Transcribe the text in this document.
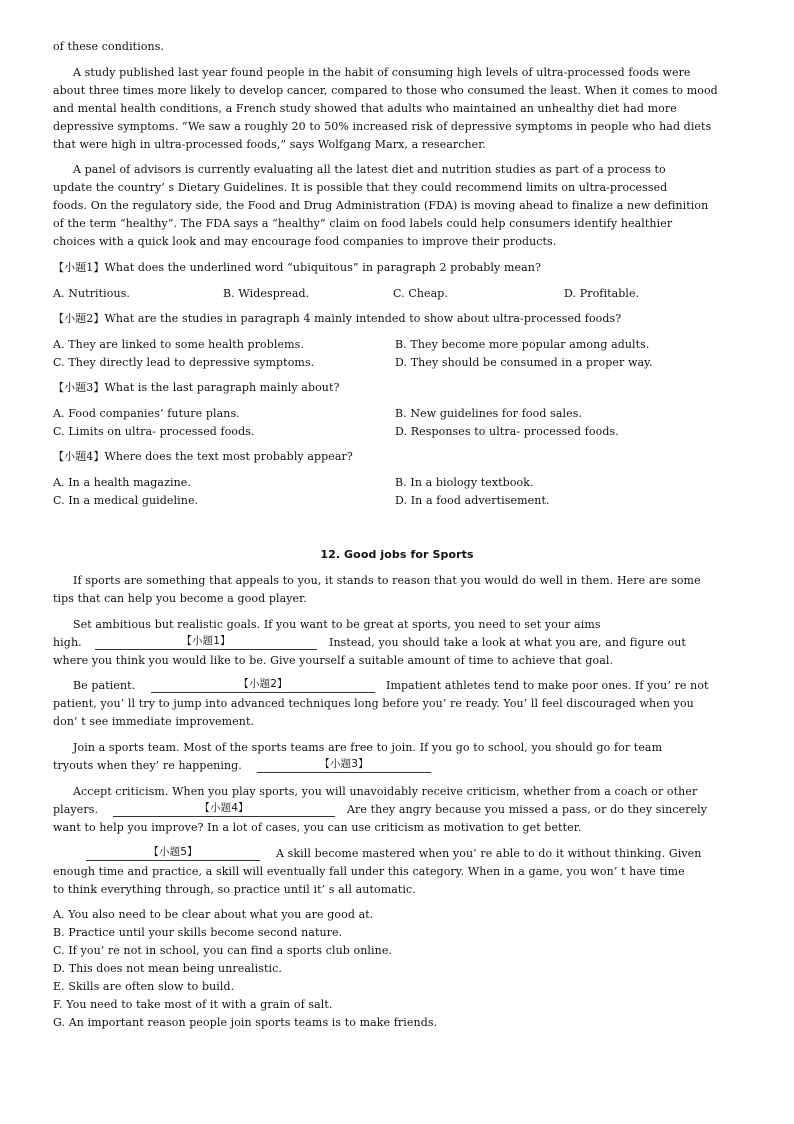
of these conditions.
A study published last year found people in the habit of consuming high levels of ultra-processed foods were
about three times more likely to develop cancer, compared to those who consumed the least. When it comes to mood
and mental health conditions, a French study showed that adults who maintained an unhealthy diet had more
depressive symptoms. “We saw a roughly 20 to 50% increased risk of depressive symptoms in people who had diets
that were high in ultra-processed foods,” says Wolfgang Marx, a researcher.
A panel of advisors is currently evaluating all the latest diet and nutrition studies as part of a process to
update the country’ s Dietary Guidelines. It is possible that they could recommend limits on ultra-processed
foods. On the regulatory side, the Food and Drug Administration (FDA) is moving ahead to finalize a new definition
of the term “healthy”. The FDA says a “healthy” claim on food labels could help consumers identify healthier
choices with a quick look and may encourage food companies to improve their products.
【小题1】What does the underlined word “ubiquitous” in paragraph 2 probably mean?
A. Nutritious.	B. Widespread.	C. Cheap.	D. Profitable.
【小题2】What are the studies in paragraph 4 mainly intended to show about ultra-processed foods?
A. They are linked to some health problems.	B. They become more popular among adults.
C. They directly lead to depressive symptoms.	D. They should be consumed in a proper way.
【小题3】What is the last paragraph mainly about?
A. Food companies’ future plans.	B. New guidelines for food sales.
C. Limits on ultra- processed foods.	D. Responses to ultra- processed foods.
【小题4】Where does the text most probably appear?
A. In a health magazine.	B. In a biology textbook.
C. In a medical guideline.	D. In a food advertisement.
12. Good jobs for Sports
If sports are something that appeals to you, it stands to reason that you would do well in them. Here are some
tips that can help you become a good player.
Set ambitious but realistic goals. If you want to be great at sports, you need to set your aims
high.	【小题1】	Instead, you should take a look at what you are, and figure out
where you think you would like to be. Give yourself a suitable amount of time to achieve that goal.
Be patient.	【小题2】	Impatient athletes tend to make poor ones. If you’ re not
patient, you’ ll try to jump into advanced techniques long before you’ re ready. You’ ll feel discouraged when you
don’ t see immediate improvement.
Join a sports team. Most of the sports teams are free to join. If you go to school, you should go for team
tryouts when they’ re happening.	【小题3】
Accept criticism. When you play sports, you will unavoidably receive criticism, whether from a coach or other
players.	【小题4】	Are they angry because you missed a pass, or do they sincerely
want to help you improve? In a lot of cases, you can use criticism as motivation to get better.
【小题5】	A skill become mastered when you’ re able to do it without thinking. Given
enough time and practice, a skill will eventually fall under this category. When in a game, you won’ t have time
to think everything through, so practice until it’ s all automatic.
A. You also need to be clear about what you are good at.
B. Practice until your skills become second nature.
C. If you’ re not in school, you can find a sports club online.
D. This does not mean being unrealistic.
E. Skills are often slow to build.
F. You need to take most of it with a grain of salt.
G. An important reason people join sports teams is to make friends.
